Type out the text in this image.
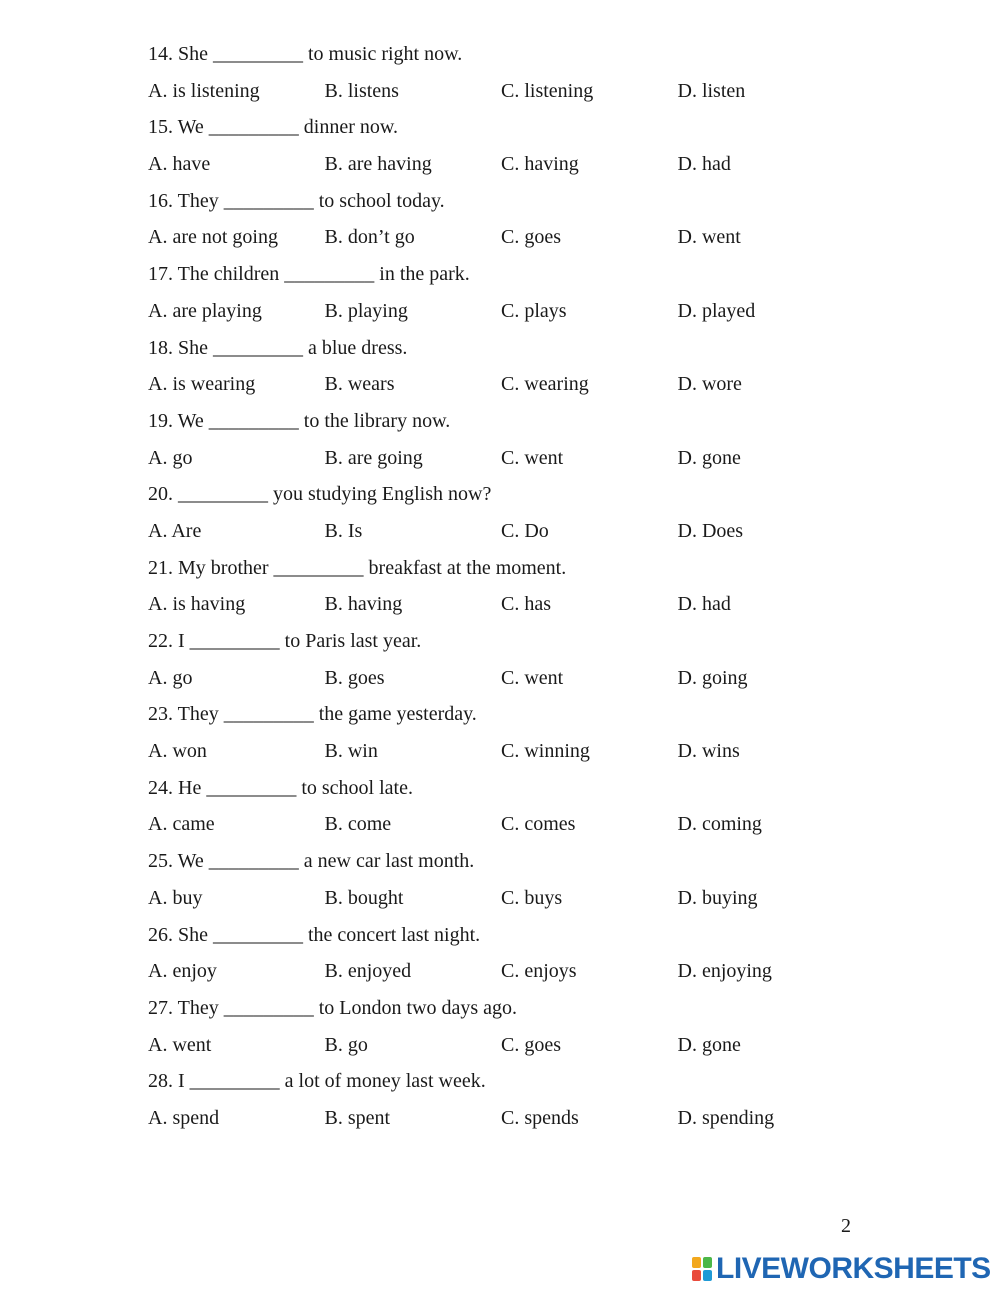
14. She _________ to music right now.
A. is listening	B. listens	C. listening	D. listen
15. We _________ dinner now.
A. have	B. are having	C. having	D. had
16. They _________ to school today.
A. are not going	B. don’t go	C. goes	D. went
17. The children _________ in the park.
A. are playing	B. playing	C. plays	D. played
18. She _________ a blue dress.
A. is wearing	B. wears	C. wearing	D. wore
19. We _________ to the library now.
A. go	B. are going	C. went	D. gone
20. _________ you studying English now?
A. Are	B. Is	C. Do	D. Does
21. My brother _________ breakfast at the moment.
A. is having	B. having	C. has	D. had
22. I _________ to Paris last year.
A. go	B. goes	C. went	D. going
23. They _________ the game yesterday.
A. won	B. win	C. winning	D. wins
24. He _________ to school late.
A. came	B. come	C. comes	D. coming
25. We _________ a new car last month.
A. buy	B. bought	C. buys	D. buying
26. She _________ the concert last night.
A. enjoy	B. enjoyed	C. enjoys	D. enjoying
27. They _________ to London two days ago.
A. went	B. go	C. goes	D. gone
28. I _________ a lot of money last week.
A. spend	B. spent	C. spends	D. spending
2
LIVEWORKSHEETS
